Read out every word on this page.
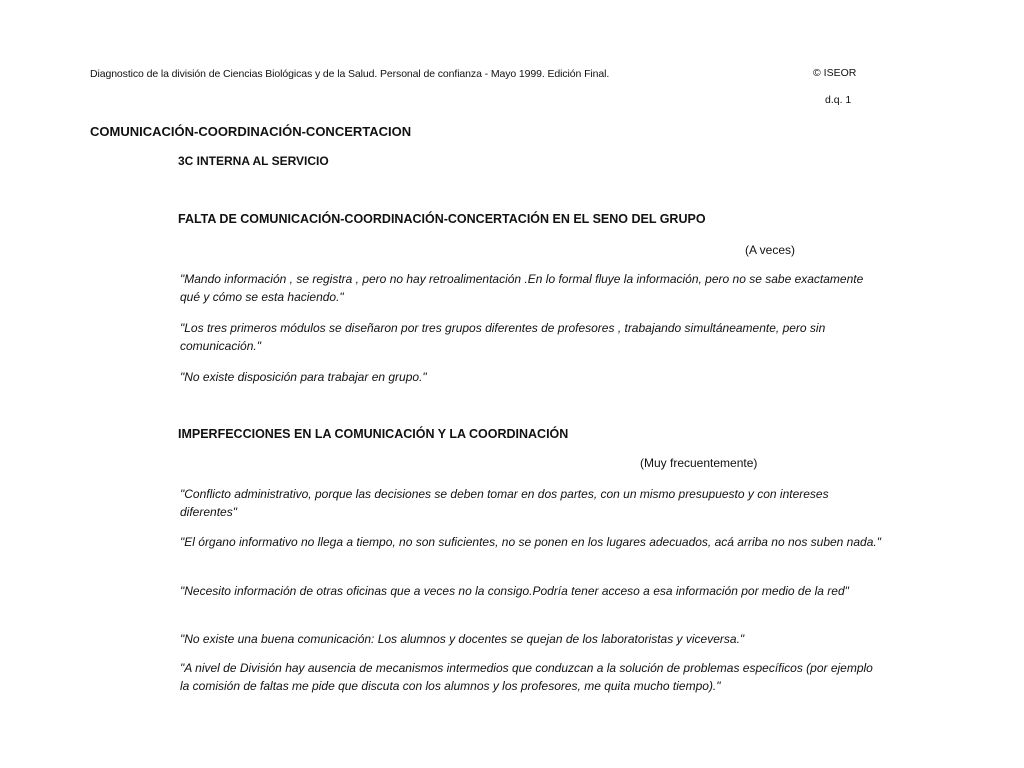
Diagnostico de la división de Ciencias Biológicas y de la Salud. Personal de confianza - Mayo 1999. Edición Final.	© ISEOR
d.q. 1
COMUNICACIÓN-COORDINACIÓN-CONCERTACION
3C INTERNA AL SERVICIO
FALTA DE COMUNICACIÓN-COORDINACIÓN-CONCERTACIÓN EN EL SENO DEL GRUPO
(A veces)
"Mando información , se registra , pero no hay retroalimentación .En lo formal fluye la información, pero no se sabe exactamente qué y cómo se esta haciendo."
"Los tres primeros módulos se diseñaron por tres grupos diferentes de profesores , trabajando simultáneamente, pero sin comunicación."
"No existe disposición para trabajar en grupo."
IMPERFECCIONES EN LA COMUNICACIÓN Y LA COORDINACIÓN
(Muy frecuentemente)
"Conflicto administrativo, porque las decisiones se deben tomar en dos partes, con un mismo presupuesto y con intereses diferentes"
"El órgano informativo no llega a tiempo, no son suficientes, no se ponen en los lugares adecuados, acá arriba no nos suben nada."
"Necesito información de otras oficinas que a veces no la consigo.Podría tener acceso a esa información por medio de la red"
"No existe una buena comunicación: Los alumnos y docentes se quejan de los laboratoristas y viceversa."
"A nivel de División hay ausencia de mecanismos intermedios que conduzcan a la solución de problemas específicos (por ejemplo la comisión de faltas me pide que discuta con los alumnos y los profesores, me quita mucho tiempo)."
